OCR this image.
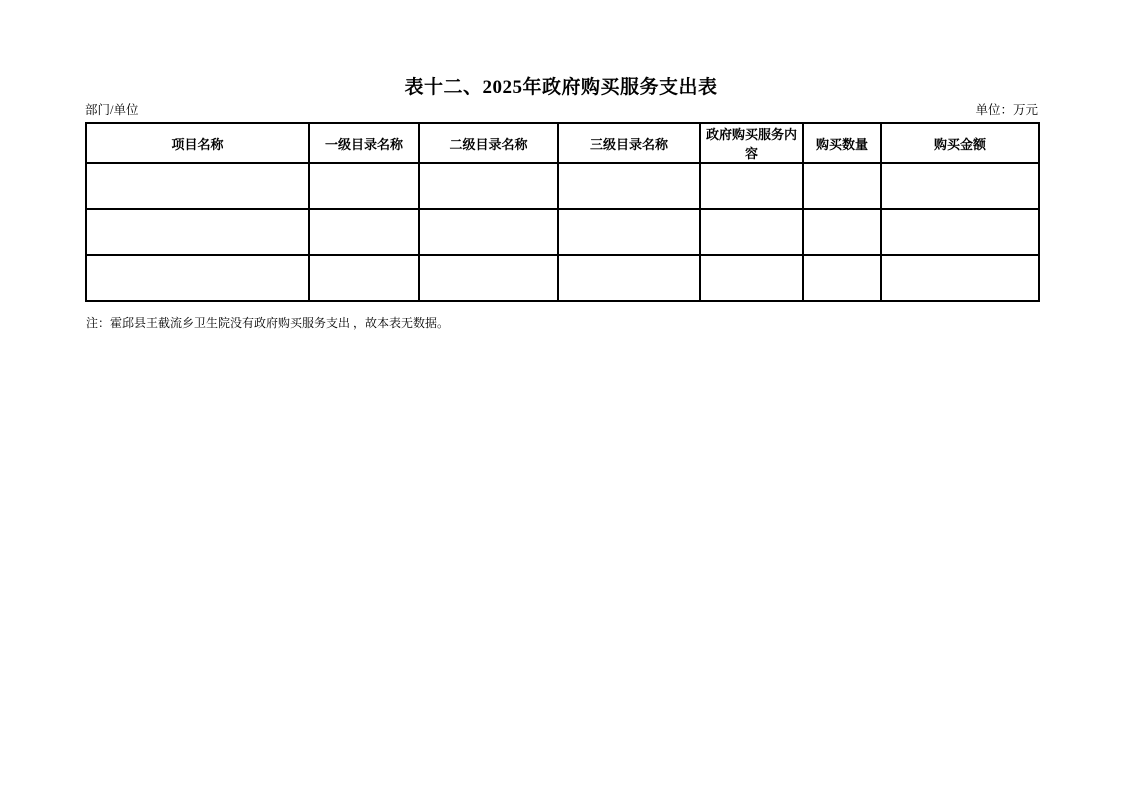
表十二、2025年政府购买服务支出表
部门/单位	单位：万元
项目名称	一级目录名称	二级目录名称	三级目录名称	政府购买服务内容	购买数量	购买金额

注：霍邱县王截流乡卫生院没有政府购买服务支出 ，故本表无数据。
